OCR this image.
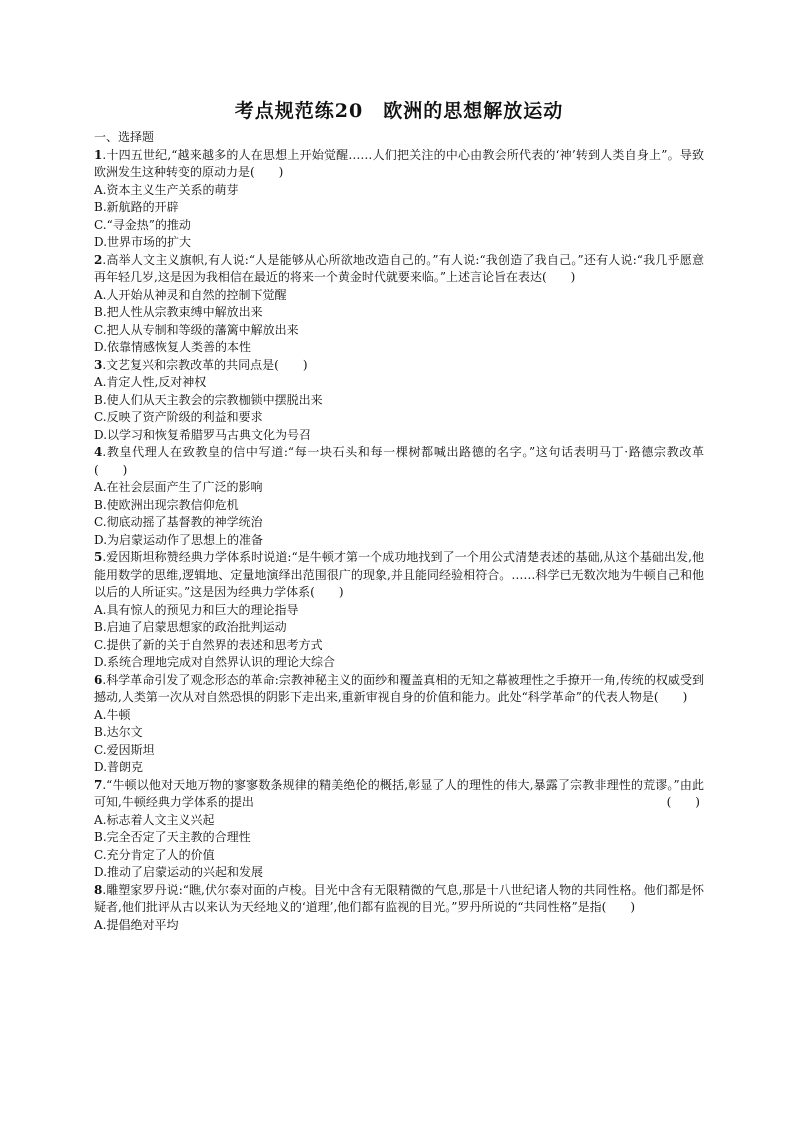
考点规范练20　欧洲的思想解放运动

一、选择题

1.十四五世纪,“越来越多的人在思想上开始觉醒……人们把关注的中心由教会所代表的‘神’转到人类自身上”。导致欧洲发生这种转变的原动力是(　　)

A.资本主义生产关系的萌芽

B.新航路的开辟

C.“寻金热”的推动

D.世界市场的扩大

2.高举人文主义旗帜,有人说:“人是能够从心所欲地改造自己的。”有人说:“我创造了我自己。”还有人说:“我几乎愿意再年轻几岁,这是因为我相信在最近的将来一个黄金时代就要来临。”上述言论旨在表达(　　)

A.人开始从神灵和自然的控制下觉醒

B.把人性从宗教束缚中解放出来

C.把人从专制和等级的藩篱中解放出来

D.依靠情感恢复人类善的本性

3.文艺复兴和宗教改革的共同点是(　　)

A.肯定人性,反对神权

B.使人们从天主教会的宗教枷锁中摆脱出来

C.反映了资产阶级的利益和要求

D.以学习和恢复希腊罗马古典文化为号召

4.教皇代理人在致教皇的信中写道:“每一块石头和每一棵树都喊出路德的名字。”这句话表明马丁·路德宗教改革(　　)

A.在社会层面产生了广泛的影响

B.使欧洲出现宗教信仰危机

C.彻底动摇了基督教的神学统治

D.为启蒙运动作了思想上的准备

5.爱因斯坦称赞经典力学体系时说道:“是牛顿才第一个成功地找到了一个用公式清楚表述的基础,从这个基础出发,他能用数学的思维,逻辑地、定量地演绎出范围很广的现象,并且能同经验相符合。……科学已无数次地为牛顿自己和他以后的人所证实。”这是因为经典力学体系(　　)

A.具有惊人的预见力和巨大的理论指导

B.启迪了启蒙思想家的政治批判运动

C.提供了新的关于自然界的表述和思考方式

D.系统合理地完成对自然界认识的理论大综合

6.科学革命引发了观念形态的革命:宗教神秘主义的面纱和覆盖真相的无知之幕被理性之手撩开一角,传统的权威受到撼动,人类第一次从对自然恐惧的阴影下走出来,重新审视自身的价值和能力。此处“科学革命”的代表人物是(　　)

A.牛顿

B.达尔文

C.爱因斯坦

D.普朗克

7.“牛顿以他对天地万物的寥寥数条规律的精美绝伦的概括,彰显了人的理性的伟大,暴露了宗教非理性的荒谬。”由此可知,牛顿经典力学体系的提出	(　　)

A.标志着人文主义兴起

B.完全否定了天主教的合理性

C.充分肯定了人的价值

D.推动了启蒙运动的兴起和发展

8.雕塑家罗丹说:“瞧,伏尔泰对面的卢梭。目光中含有无限精微的气息,那是十八世纪诸人物的共同性格。他们都是怀疑者,他们批评从古以来认为天经地义的‘道理’,他们都有监视的目光。”罗丹所说的“共同性格”是指(　　)

A.提倡绝对平均
